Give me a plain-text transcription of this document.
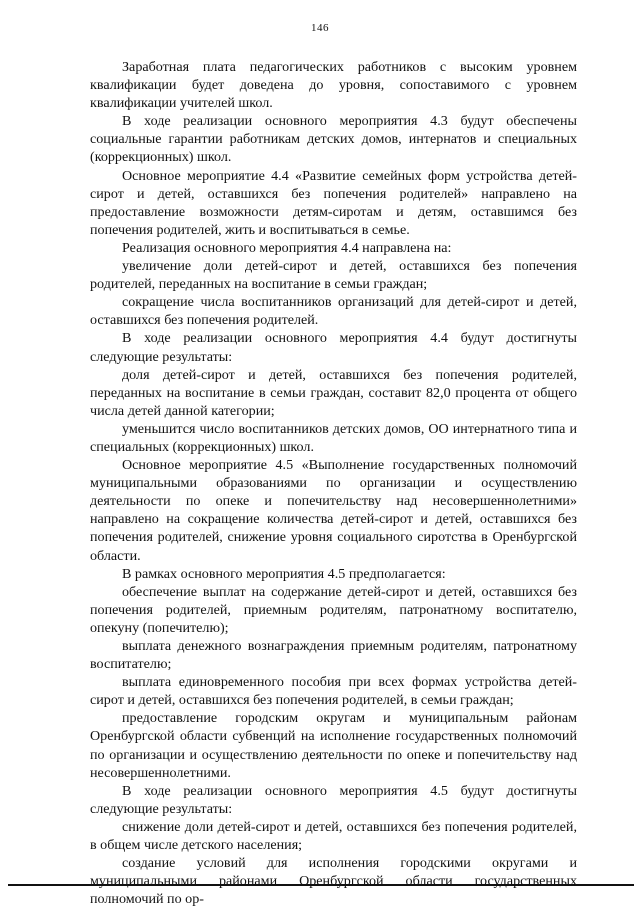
146

Заработная плата педагогических работников с высоким уровнем квалификации будет доведена до уровня, сопоставимого с уровнем квалификации учителей школ.

В ходе реализации основного мероприятия 4.3 будут обеспечены социальные гарантии работникам детских домов, интернатов и специальных (коррекционных) школ.

Основное мероприятие 4.4 «Развитие семейных форм устройства детей-сирот и детей, оставшихся без попечения родителей» направлено на предоставление возможности детям-сиротам и детям, оставшимся без попечения родителей, жить и воспитываться в семье.

Реализация основного мероприятия 4.4 направлена на:

увеличение доли детей-сирот и детей, оставшихся без попечения родителей, переданных на воспитание в семьи граждан;

сокращение числа воспитанников организаций для детей-сирот и детей, оставшихся без попечения родителей.

В ходе реализации основного мероприятия 4.4 будут достигнуты следующие результаты:

доля детей-сирот и детей, оставшихся без попечения родителей, переданных на воспитание в семьи граждан, составит 82,0 процента от общего числа детей данной категории;

уменьшится число воспитанников детских домов, ОО интернатного типа и специальных (коррекционных) школ.

Основное мероприятие 4.5 «Выполнение государственных полномочий муниципальными образованиями по организации и осуществлению деятельности по опеке и попечительству над несовершеннолетними» направлено на сокращение количества детей-сирот и детей, оставшихся без попечения родителей, снижение уровня социального сиротства в Оренбургской области.

В рамках основного мероприятия 4.5 предполагается:

обеспечение выплат на содержание детей-сирот и детей, оставшихся без попечения родителей, приемным родителям, патронатному воспитателю, опекуну (попечителю);

выплата денежного вознаграждения приемным родителям, патронатному воспитателю;

выплата единовременного пособия при всех формах устройства детей-сирот и детей, оставшихся без попечения родителей, в семьи граждан;

предоставление городским округам и муниципальным районам Оренбургской области субвенций на исполнение государственных полномочий по организации и осуществлению деятельности по опеке и попечительству над несовершеннолетними.

В ходе реализации основного мероприятия 4.5 будут достигнуты следующие результаты:

снижение доли детей-сирот и детей, оставшихся без попечения родителей, в общем числе детского населения;

создание условий для исполнения городскими округами и муниципальными районами Оренбургской области государственных полномочий по ор-
